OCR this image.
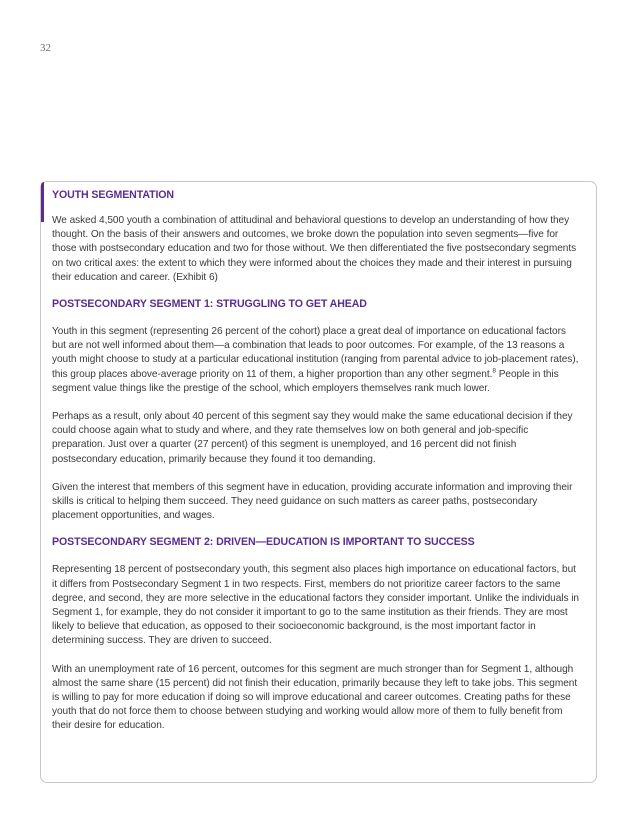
32
YOUTH SEGMENTATION

We asked 4,500 youth a combination of attitudinal and behavioral questions to develop an understanding of how they thought. On the basis of their answers and outcomes, we broke down the population into seven segments—five for those with postsecondary education and two for those without. We then differentiated the five postsecondary segments on two critical axes: the extent to which they were informed about the choices they made and their interest in pursuing their education and career. (Exhibit 6)

POSTSECONDARY SEGMENT 1: STRUGGLING TO GET AHEAD

Youth in this segment (representing 26 percent of the cohort) place a great deal of importance on educational factors but are not well informed about them—a combination that leads to poor outcomes. For example, of the 13 reasons a youth might choose to study at a particular educational institution (ranging from parental advice to job-placement rates), this group places above-average priority on 11 of them, a higher proportion than any other segment.$^8$ People in this segment value things like the prestige of the school, which employers themselves rank much lower.

Perhaps as a result, only about 40 percent of this segment say they would make the same educational decision if they could choose again what to study and where, and they rate themselves low on both general and job-specific preparation. Just over a quarter (27 percent) of this segment is unemployed, and 16 percent did not finish postsecondary education, primarily because they found it too demanding.

Given the interest that members of this segment have in education, providing accurate information and improving their skills is critical to helping them succeed. They need guidance on such matters as career paths, postsecondary placement opportunities, and wages.

POSTSECONDARY SEGMENT 2: DRIVEN—EDUCATION IS IMPORTANT TO SUCCESS

Representing 18 percent of postsecondary youth, this segment also places high importance on educational factors, but it differs from Postsecondary Segment 1 in two respects. First, members do not prioritize career factors to the same degree, and second, they are more selective in the educational factors they consider important. Unlike the individuals in Segment 1, for example, they do not consider it important to go to the same institution as their friends. They are most likely to believe that education, as opposed to their socioeconomic background, is the most important factor in determining success. They are driven to succeed.

With an unemployment rate of 16 percent, outcomes for this segment are much stronger than for Segment 1, although almost the same share (15 percent) did not finish their education, primarily because they left to take jobs. This segment is willing to pay for more education if doing so will improve educational and career outcomes. Creating paths for these youth that do not force them to choose between studying and working would allow more of them to fully benefit from their desire for education.
